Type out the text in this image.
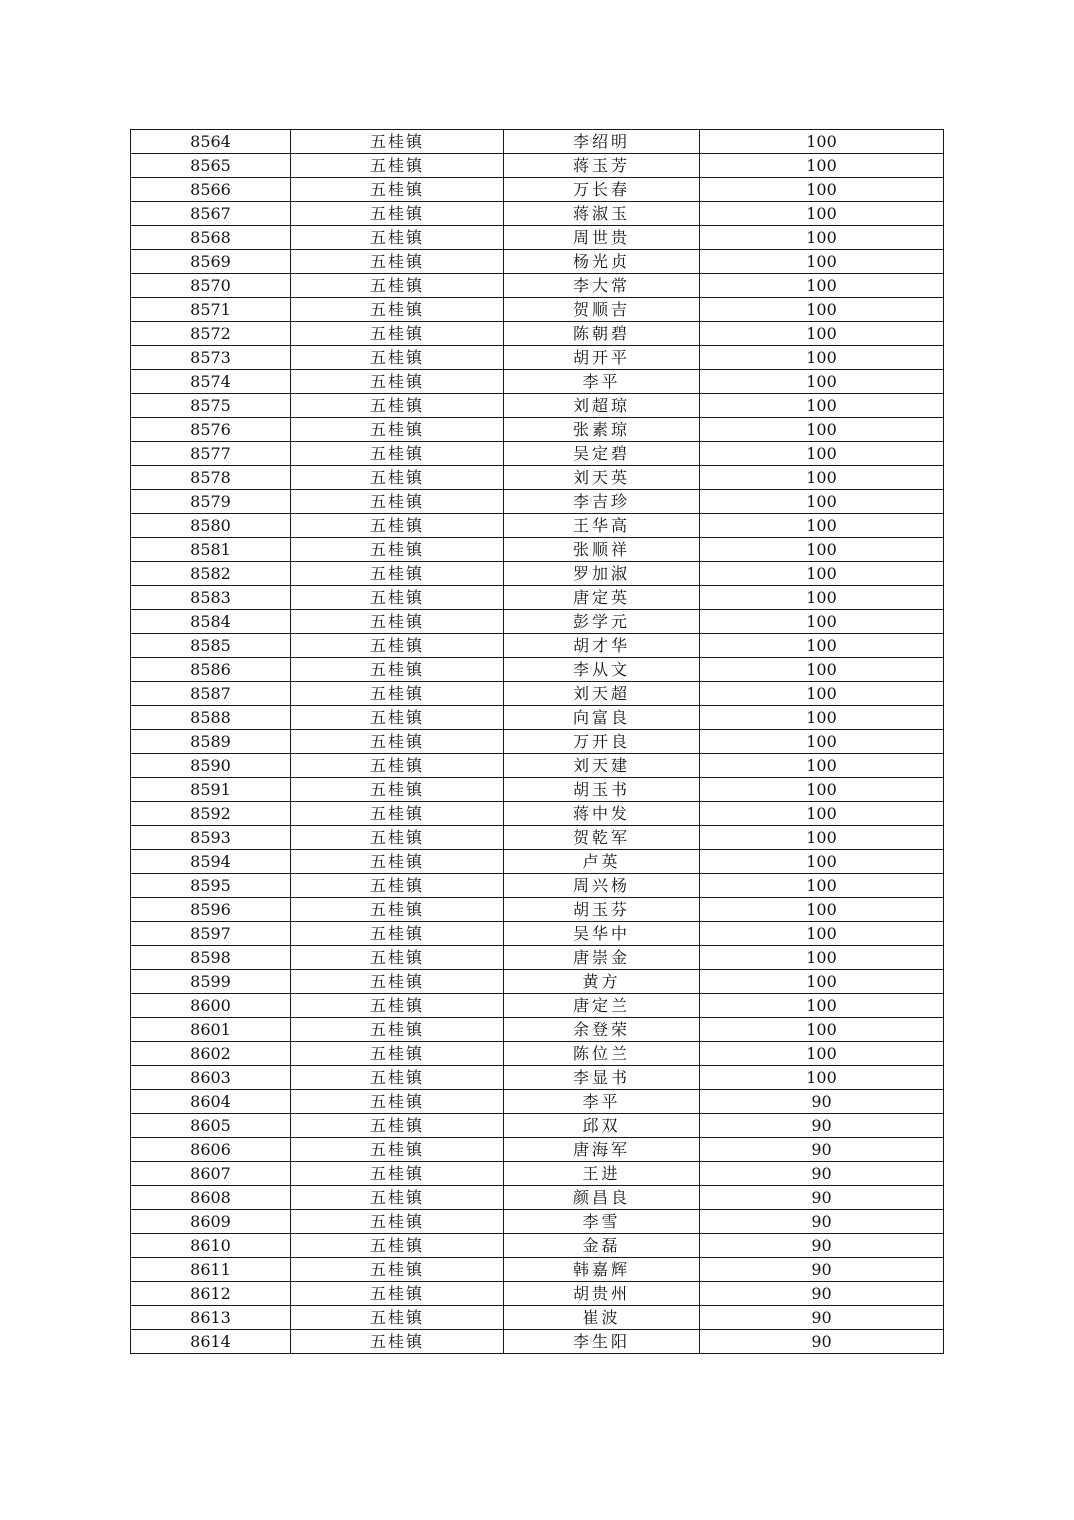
8564	五桂镇	李绍明	100
8565	五桂镇	蒋玉芳	100
8566	五桂镇	万长春	100
8567	五桂镇	蒋淑玉	100
8568	五桂镇	周世贵	100
8569	五桂镇	杨光贞	100
8570	五桂镇	李大常	100
8571	五桂镇	贺顺吉	100
8572	五桂镇	陈朝碧	100
8573	五桂镇	胡开平	100
8574	五桂镇	李平	100
8575	五桂镇	刘超琼	100
8576	五桂镇	张素琼	100
8577	五桂镇	吴定碧	100
8578	五桂镇	刘天英	100
8579	五桂镇	李吉珍	100
8580	五桂镇	王华高	100
8581	五桂镇	张顺祥	100
8582	五桂镇	罗加淑	100
8583	五桂镇	唐定英	100
8584	五桂镇	彭学元	100
8585	五桂镇	胡才华	100
8586	五桂镇	李从文	100
8587	五桂镇	刘天超	100
8588	五桂镇	向富良	100
8589	五桂镇	万开良	100
8590	五桂镇	刘天建	100
8591	五桂镇	胡玉书	100
8592	五桂镇	蒋中发	100
8593	五桂镇	贺乾军	100
8594	五桂镇	卢英	100
8595	五桂镇	周兴杨	100
8596	五桂镇	胡玉芬	100
8597	五桂镇	吴华中	100
8598	五桂镇	唐崇金	100
8599	五桂镇	黄方	100
8600	五桂镇	唐定兰	100
8601	五桂镇	余登荣	100
8602	五桂镇	陈位兰	100
8603	五桂镇	李显书	100
8604	五桂镇	李平	90
8605	五桂镇	邱双	90
8606	五桂镇	唐海军	90
8607	五桂镇	王进	90
8608	五桂镇	颜昌良	90
8609	五桂镇	李雪	90
8610	五桂镇	金磊	90
8611	五桂镇	韩嘉辉	90
8612	五桂镇	胡贵州	90
8613	五桂镇	崔波	90
8614	五桂镇	李生阳	90
